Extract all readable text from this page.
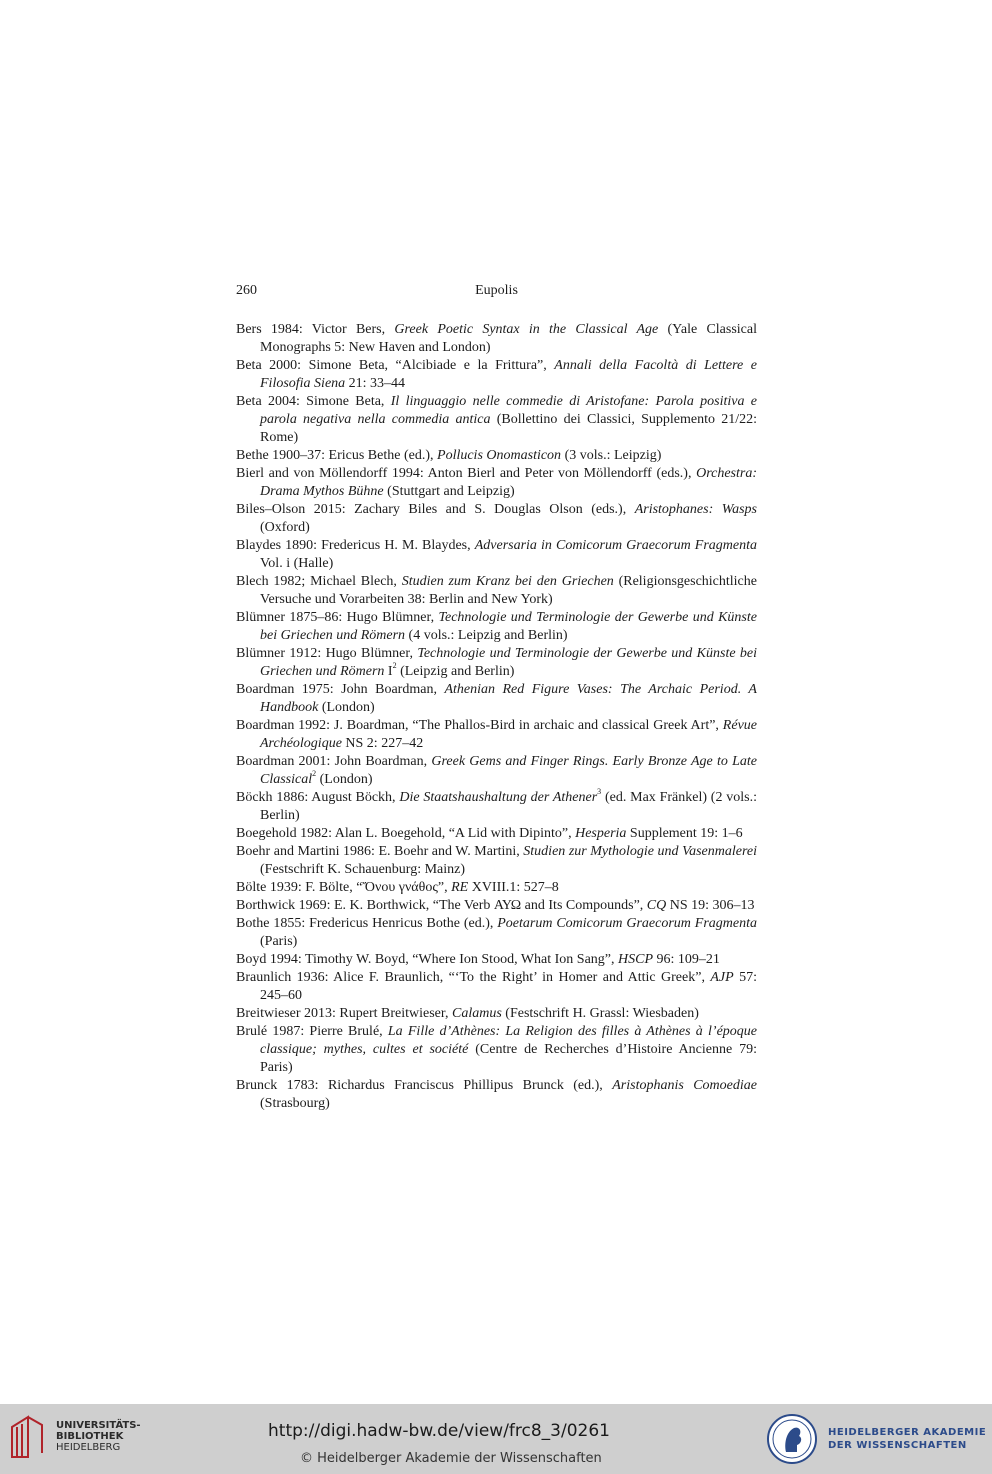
260	Eupolis

Bers 1984: Victor Bers, Greek Poetic Syntax in the Classical Age (Yale Classical Monographs 5: New Haven and London)

Beta 2000: Simone Beta, “Alcibiade e la Frittura”, Annali della Facoltà di Lettere e Filosofia Siena 21: 33–44

Beta 2004: Simone Beta, Il linguaggio nelle commedie di Aristofane: Parola positiva e parola negativa nella commedia antica (Bollettino dei Classici, Supplemento 21/22: Rome)

Bethe 1900–37: Ericus Bethe (ed.), Pollucis Onomasticon (3 vols.: Leipzig)

Bierl and von Möllendorff 1994: Anton Bierl and Peter von Möllendorff (eds.), Orchestra: Drama Mythos Bühne (Stuttgart and Leipzig)

Biles–Olson 2015: Zachary Biles and S. Douglas Olson (eds.), Aristophanes: Wasps (Oxford)

Blaydes 1890: Fredericus H. M. Blaydes, Adversaria in Comicorum Graecorum Fragmenta Vol. i (Halle)

Blech 1982; Michael Blech, Studien zum Kranz bei den Griechen (Religionsgeschichtliche Versuche und Vorarbeiten 38: Berlin and New York)

Blümner 1875–86: Hugo Blümner, Technologie und Terminologie der Gewerbe und Künste bei Griechen und Römern (4 vols.: Leipzig and Berlin)

Blümner 1912: Hugo Blümner, Technologie und Terminologie der Gewerbe und Künste bei Griechen und Römern $I^2$ (Leipzig and Berlin)

Boardman 1975: John Boardman, Athenian Red Figure Vases: The Archaic Period. A Handbook (London)

Boardman 1992: J. Boardman, “The Phallos-Bird in archaic and classical Greek Art”, Révue Archéologique NS 2: 227–42

Boardman 2001: John Boardman, Greek Gems and Finger Rings. Early Bronze Age to Late Classical$^2$ (London)

Böckh 1886: August Böckh, Die Staatshaushaltung der Athener$^3$ (ed. Max Fränkel) (2 vols.: Berlin)

Boegehold 1982: Alan L. Boegehold, “A Lid with Dipinto”, Hesperia Supplement 19: 1–6

Boehr and Martini 1986: E. Boehr and W. Martini, Studien zur Mythologie und Vasenmalerei (Festschrift K. Schauenburg: Mainz)

Bölte 1939: F. Bölte, “Ὄνου γνάθος”, RE XVIII.1: 527–8

Borthwick 1969: E. K. Borthwick, “The Verb ΑΥΩ and Its Compounds”, CQ NS 19: 306–13

Bothe 1855: Fredericus Henricus Bothe (ed.), Poetarum Comicorum Graecorum Fragmenta (Paris)

Boyd 1994: Timothy W. Boyd, “Where Ion Stood, What Ion Sang”, HSCP 96: 109–21

Braunlich 1936: Alice F. Braunlich, “‘To the Right’ in Homer and Attic Greek”, AJP 57: 245–60

Breitwieser 2013: Rupert Breitwieser, Calamus (Festschrift H. Grassl: Wiesbaden)

Brulé 1987: Pierre Brulé, La Fille d’Athènes: La Religion des filles à Athènes à l’époque classique; mythes, cultes et société (Centre de Recherches d’Histoire Ancienne 79: Paris)

Brunck 1783: Richardus Franciscus Phillipus Brunck (ed.), Aristophanis Comoediae (Strasbourg)

UNIVERSITÄTS-
BIBLIOTHEK
HEIDELBERG
http://digi.hadw-bw.de/view/frc8_3/0261
© Heidelberger Akademie der Wissenschaften
HEIDELBERGER AKADEMIE
DER WISSENSCHAFTEN
